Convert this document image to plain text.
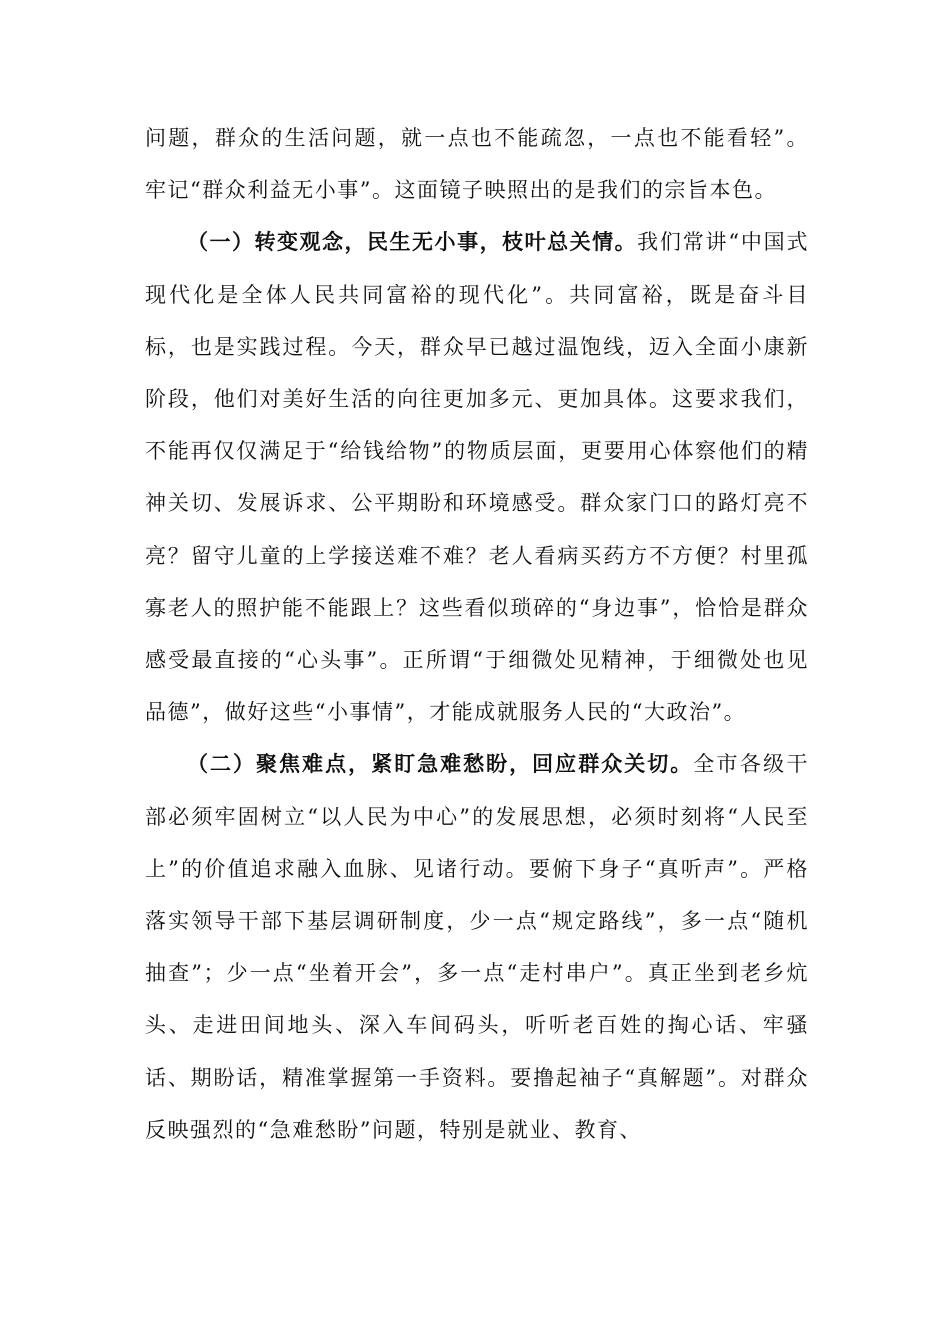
问题，群众的生活问题，就一点也不能疏忽，一点也不能看轻”。牢记“群众利益无小事”。这面镜子映照出的是我们的宗旨本色。

（一）转变观念，民生无小事，枝叶总关情。我们常讲“中国式现代化是全体人民共同富裕的现代化”。共同富裕，既是奋斗目标，也是实践过程。今天，群众早已越过温饱线，迈入全面小康新阶段，他们对美好生活的向往更加多元、更加具体。这要求我们，不能再仅仅满足于“给钱给物”的物质层面，更要用心体察他们的精神关切、发展诉求、公平期盼和环境感受。群众家门口的路灯亮不亮？留守儿童的上学接送难不难？老人看病买药方不方便？村里孤寡老人的照护能不能跟上？这些看似琐碎的“身边事”，恰恰是群众感受最直接的“心头事”。正所谓“于细微处见精神，于细微处也见品德”，做好这些“小事情”，才能成就服务人民的“大政治”。

（二）聚焦难点，紧盯急难愁盼，回应群众关切。全市各级干部必须牢固树立“以人民为中心”的发展思想，必须时刻将“人民至上”的价值追求融入血脉、见诸行动。要俯下身子“真听声”。严格落实领导干部下基层调研制度，少一点“规定路线”，多一点“随机抽查”；少一点“坐着开会”，多一点“走村串户”。真正坐到老乡炕头、走进田间地头、深入车间码头，听听老百姓的掏心话、牢骚话、期盼话，精准掌握第一手资料。要撸起袖子“真解题”。对群众反映强烈的“急难愁盼”问题，特别是就业、教育、
